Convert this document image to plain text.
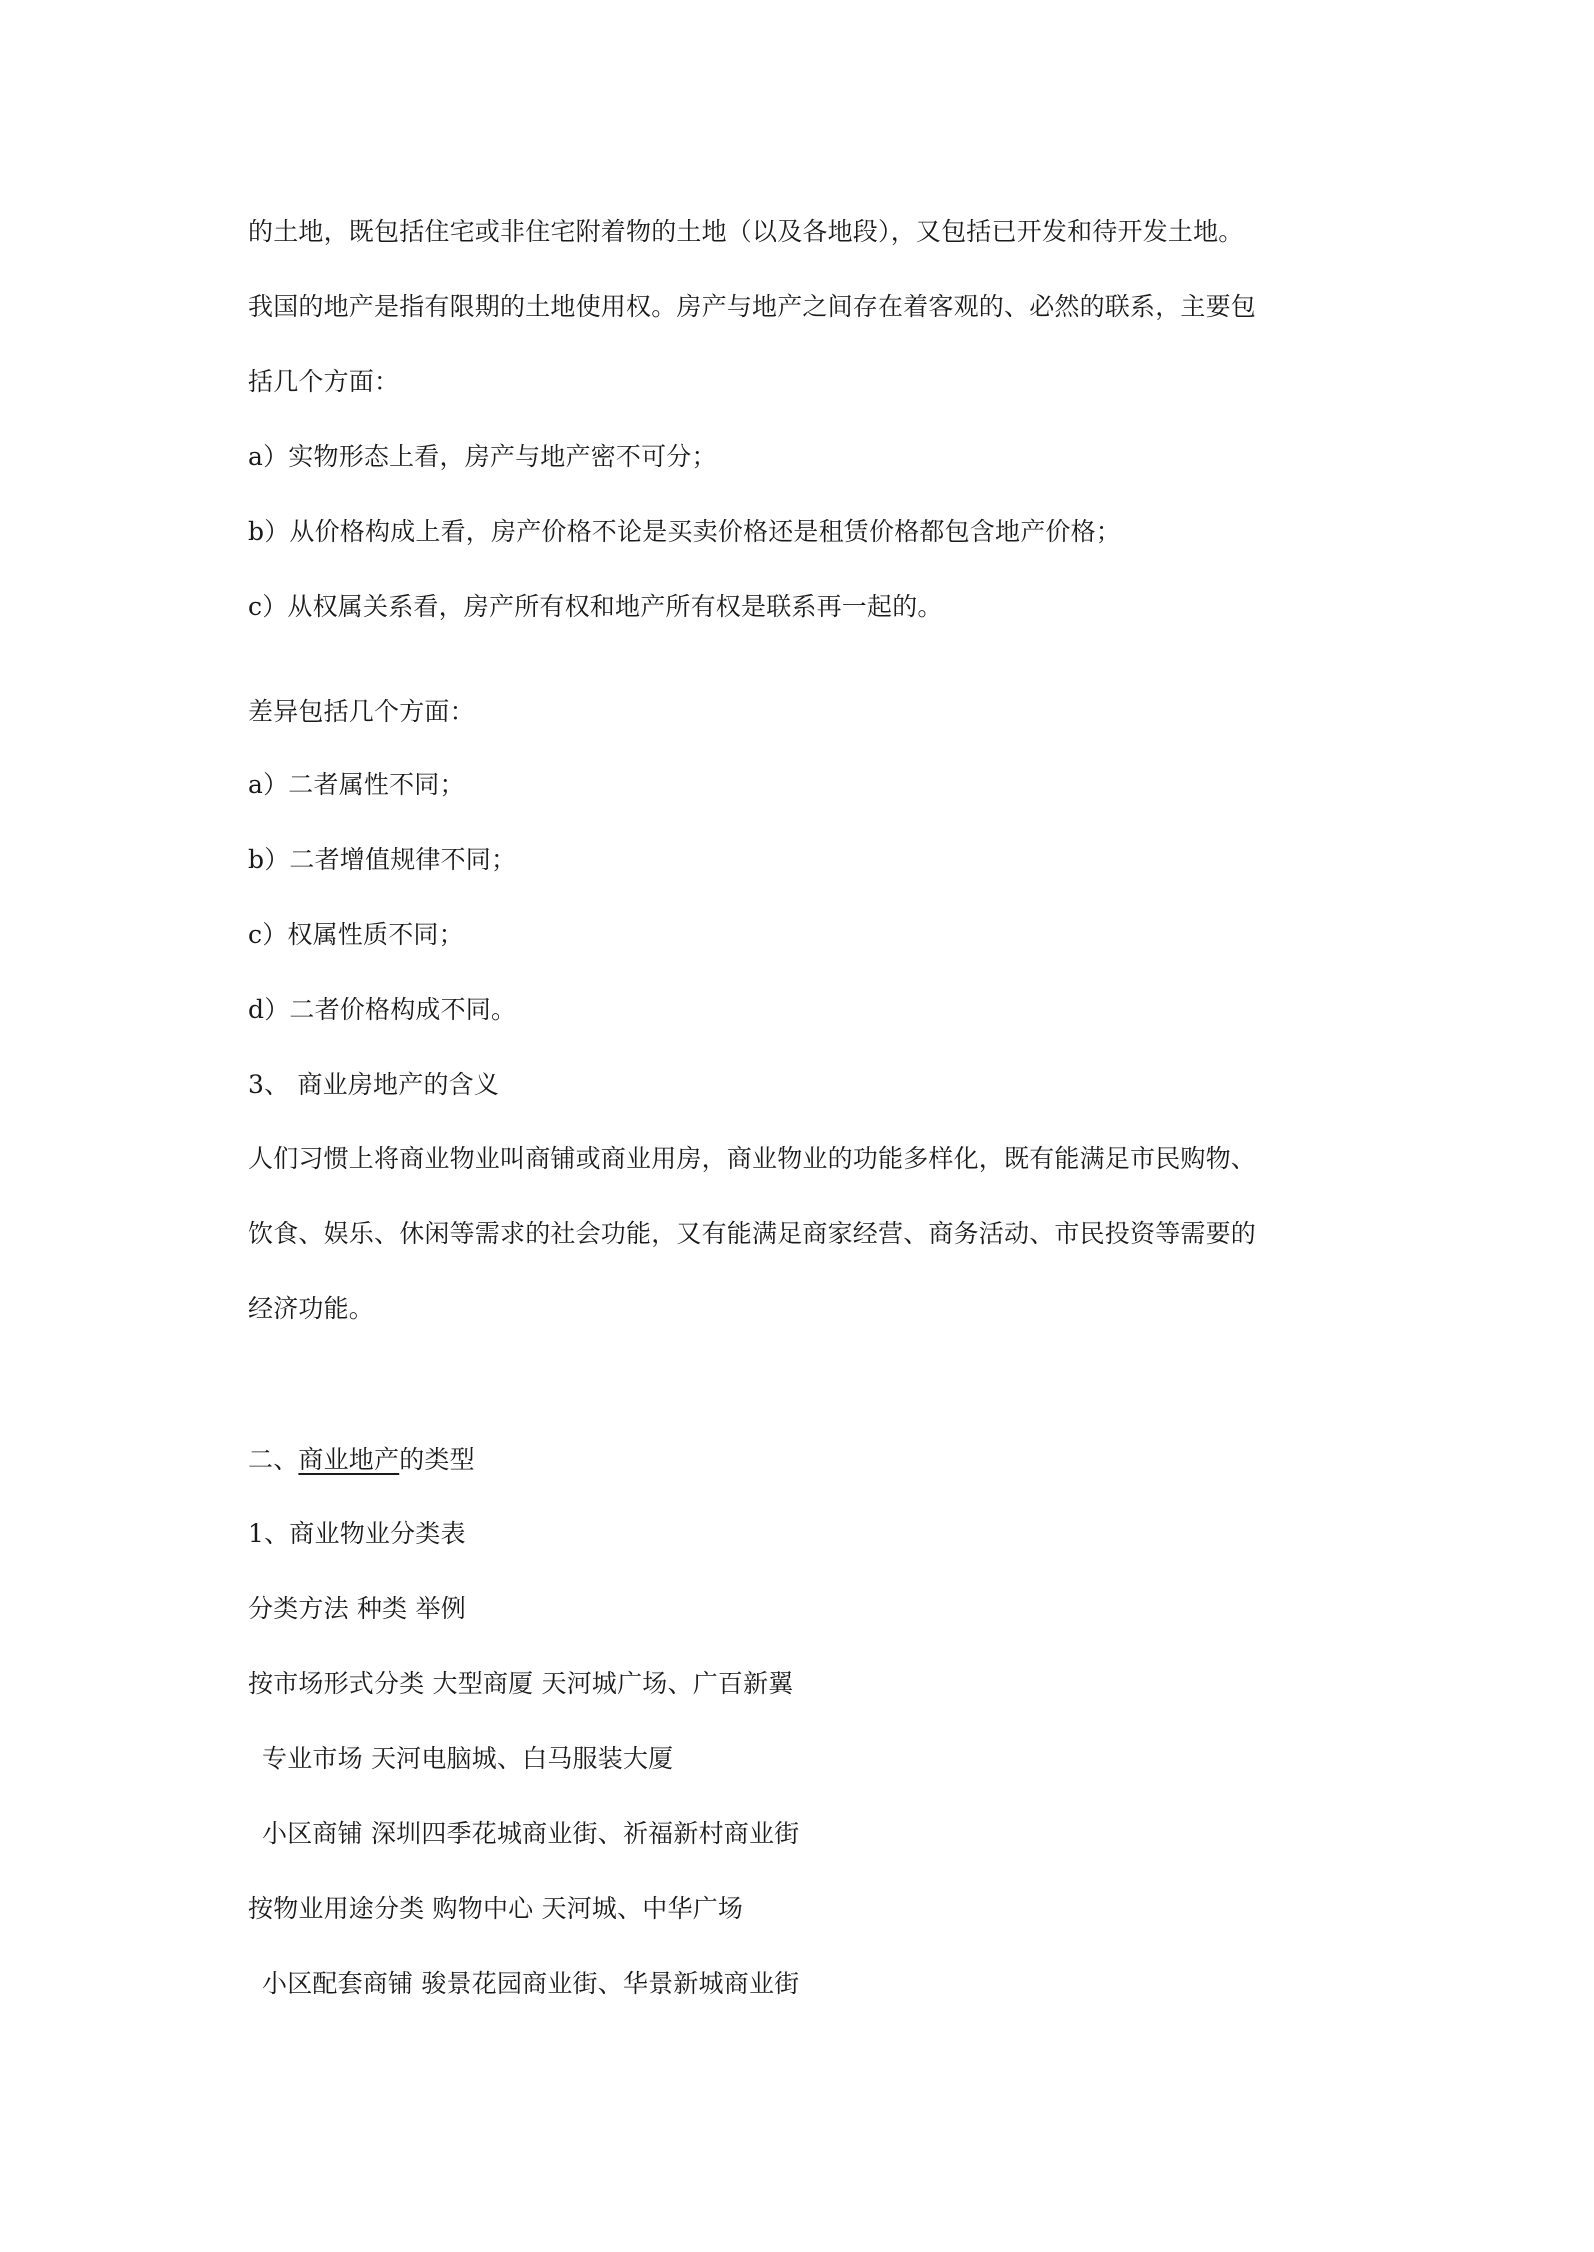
的土地，既包括住宅或非住宅附着物的土地（以及各地段），又包括已开发和待开发土地。
我国的地产是指有限期的土地使用权。房产与地产之间存在着客观的、必然的联系，主要包
括几个方面：
a）实物形态上看，房产与地产密不可分；
b）从价格构成上看，房产价格不论是买卖价格还是租赁价格都包含地产价格；
c）从权属关系看，房产所有权和地产所有权是联系再一起的。
差异包括几个方面：
a）二者属性不同；
b）二者增值规律不同；
c）权属性质不同；
d）二者价格构成不同。
3、 商业房地产的含义
人们习惯上将商业物业叫商铺或商业用房，商业物业的功能多样化，既有能满足市民购物、
饮食、娱乐、休闲等需求的社会功能，又有能满足商家经营、商务活动、市民投资等需要的
经济功能。
二、商业地产的类型
1、商业物业分类表
分类方法 种类 举例
按市场形式分类 大型商厦 天河城广场、广百新翼
专业市场 天河电脑城、白马服装大厦
小区商铺 深圳四季花城商业街、祈福新村商业街
按物业用途分类 购物中心 天河城、中华广场
小区配套商铺 骏景花园商业街、华景新城商业街
